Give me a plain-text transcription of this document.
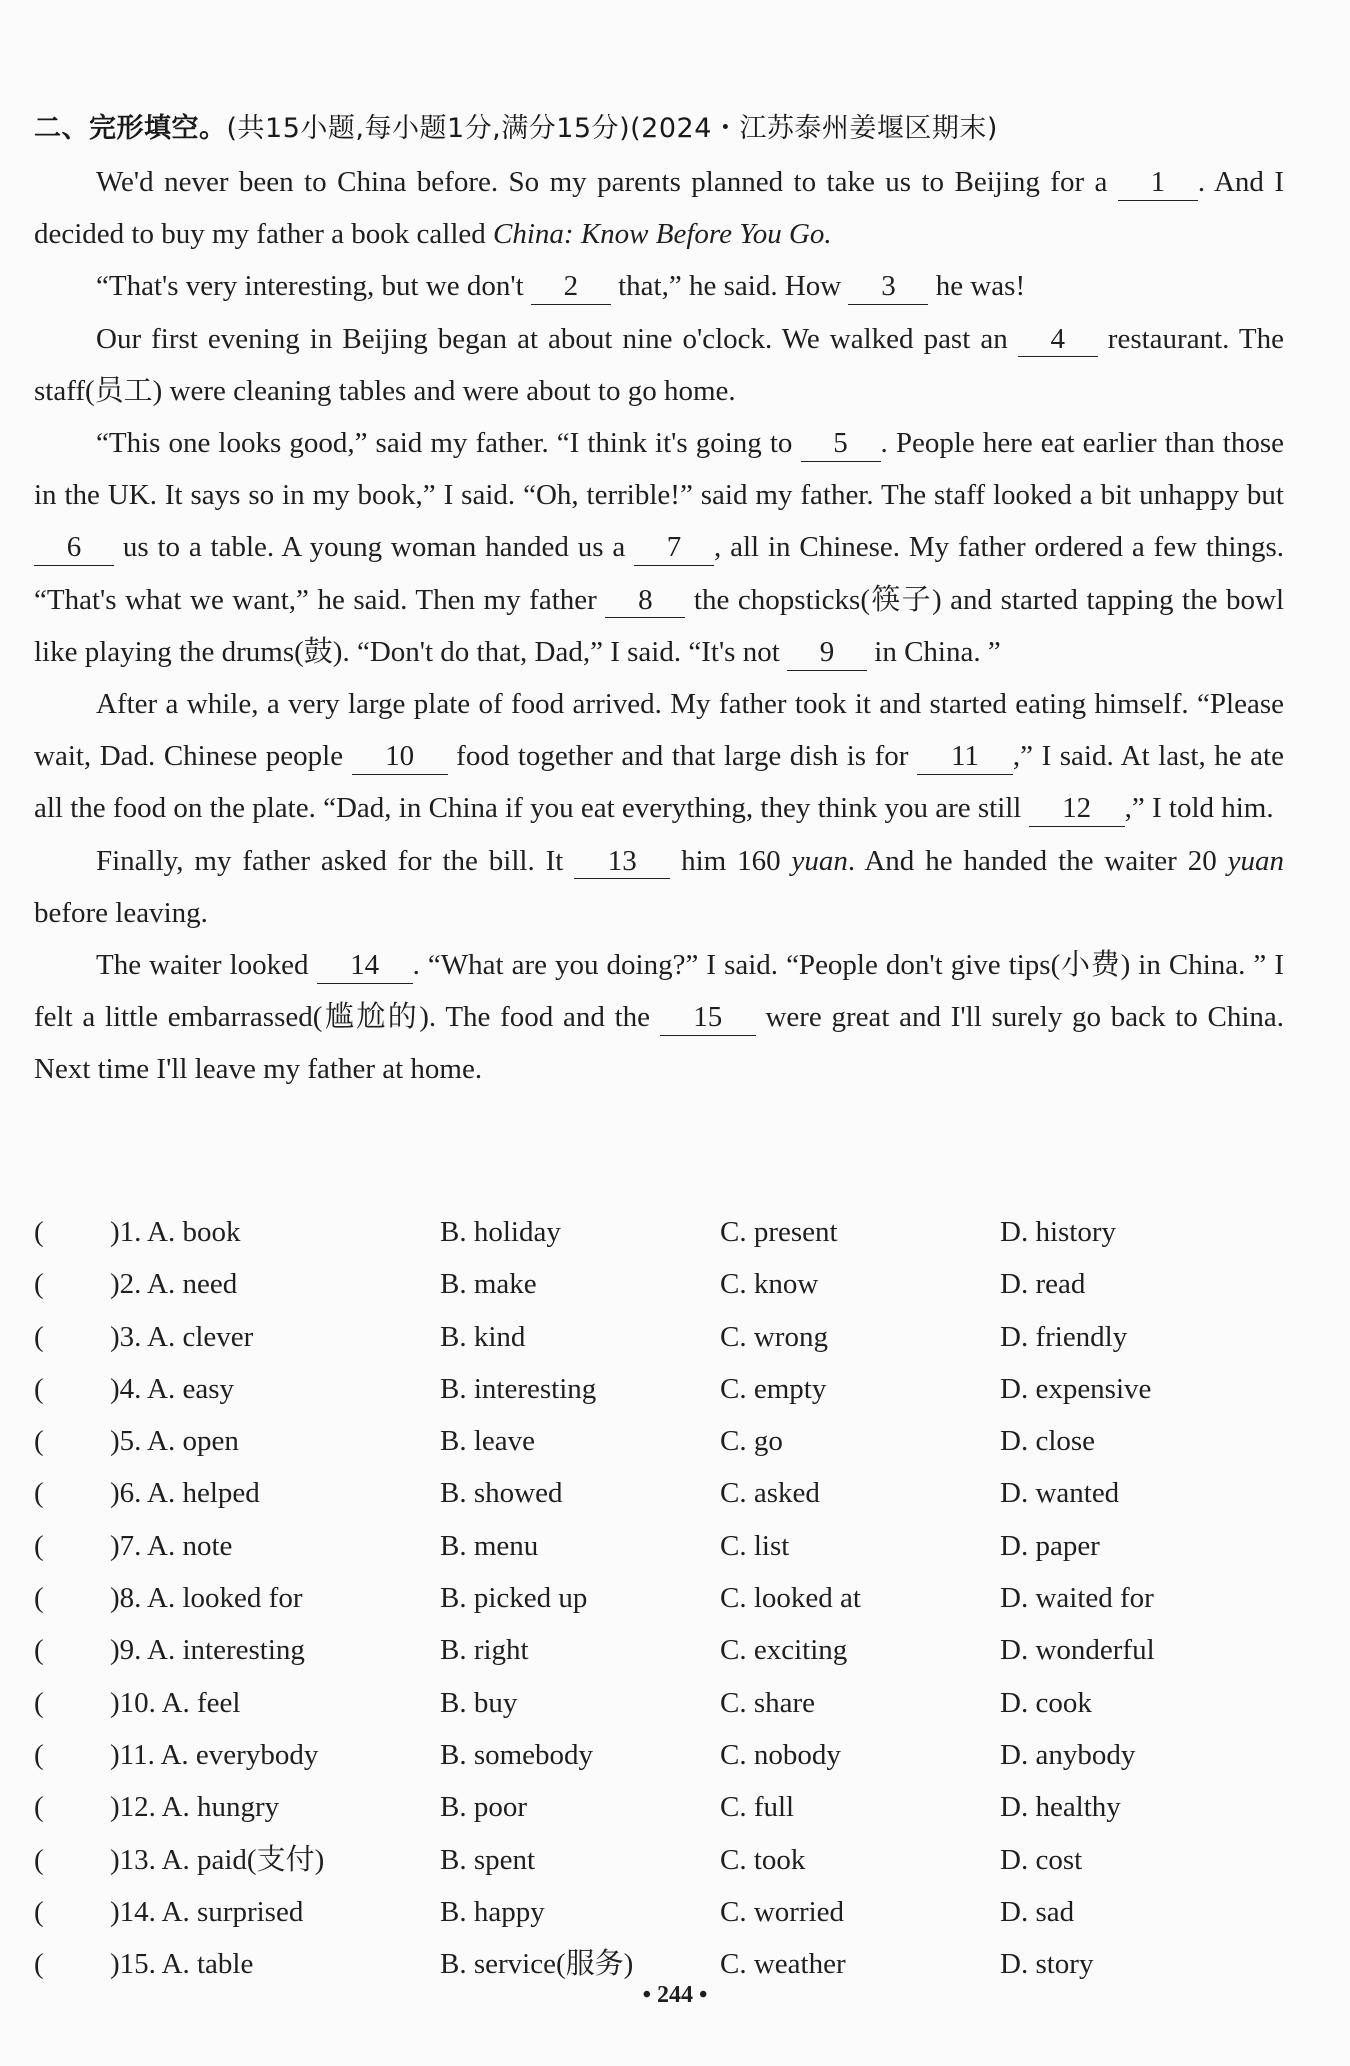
二、完形填空。(共15小题,每小题1分,满分15分)(2024・江苏泰州姜堰区期末)

We'd never been to China before. So my parents planned to take us to Beijing for a 1 . And I decided to buy my father a book called China: Know Before You Go.

“That's very interesting, but we don't 2 that,” he said. How 3 he was!

Our first evening in Beijing began at about nine o'clock. We walked past an 4 restaurant. The staff(员工) were cleaning tables and were about to go home.

“This one looks good,” said my father. “I think it's going to 5 . People here eat earlier than those in the UK. It says so in my book,” I said. “Oh, terrible!” said my father. The staff looked a bit unhappy but 6 us to a table. A young woman handed us a 7 , all in Chinese. My father ordered a few things. “That's what we want,” he said. Then my father 8 the chopsticks(筷子) and started tapping the bowl like playing the drums(鼓). “Don't do that, Dad,” I said. “It's not 9 in China. ”

After a while, a very large plate of food arrived. My father took it and started eating himself. “Please wait, Dad. Chinese people 10 food together and that large dish is for 11 ,” I said. At last, he ate all the food on the plate. “Dad, in China if you eat everything, they think you are still 12 ,” I told him.

Finally, my father asked for the bill. It 13 him 160 yuan. And he handed the waiter 20 yuan before leaving.

The waiter looked 14 . “What are you doing?” I said. “People don't give tips(小费) in China. ” I felt a little embarrassed(尴尬的). The food and the 15 were great and I'll surely go back to China. Next time I'll leave my father at home.

( )1. A. book	B. holiday	C. present	D. history
( )2. A. need	B. make	C. know	D. read
( )3. A. clever	B. kind	C. wrong	D. friendly
( )4. A. easy	B. interesting	C. empty	D. expensive
( )5. A. open	B. leave	C. go	D. close
( )6. A. helped	B. showed	C. asked	D. wanted
( )7. A. note	B. menu	C. list	D. paper
( )8. A. looked for	B. picked up	C. looked at	D. waited for
( )9. A. interesting	B. right	C. exciting	D. wonderful
( )10. A. feel	B. buy	C. share	D. cook
( )11. A. everybody	B. somebody	C. nobody	D. anybody
( )12. A. hungry	B. poor	C. full	D. healthy
( )13. A. paid(支付)	B. spent	C. took	D. cost
( )14. A. surprised	B. happy	C. worried	D. sad
( )15. A. table	B. service(服务)	C. weather	D. story
• 244 •
